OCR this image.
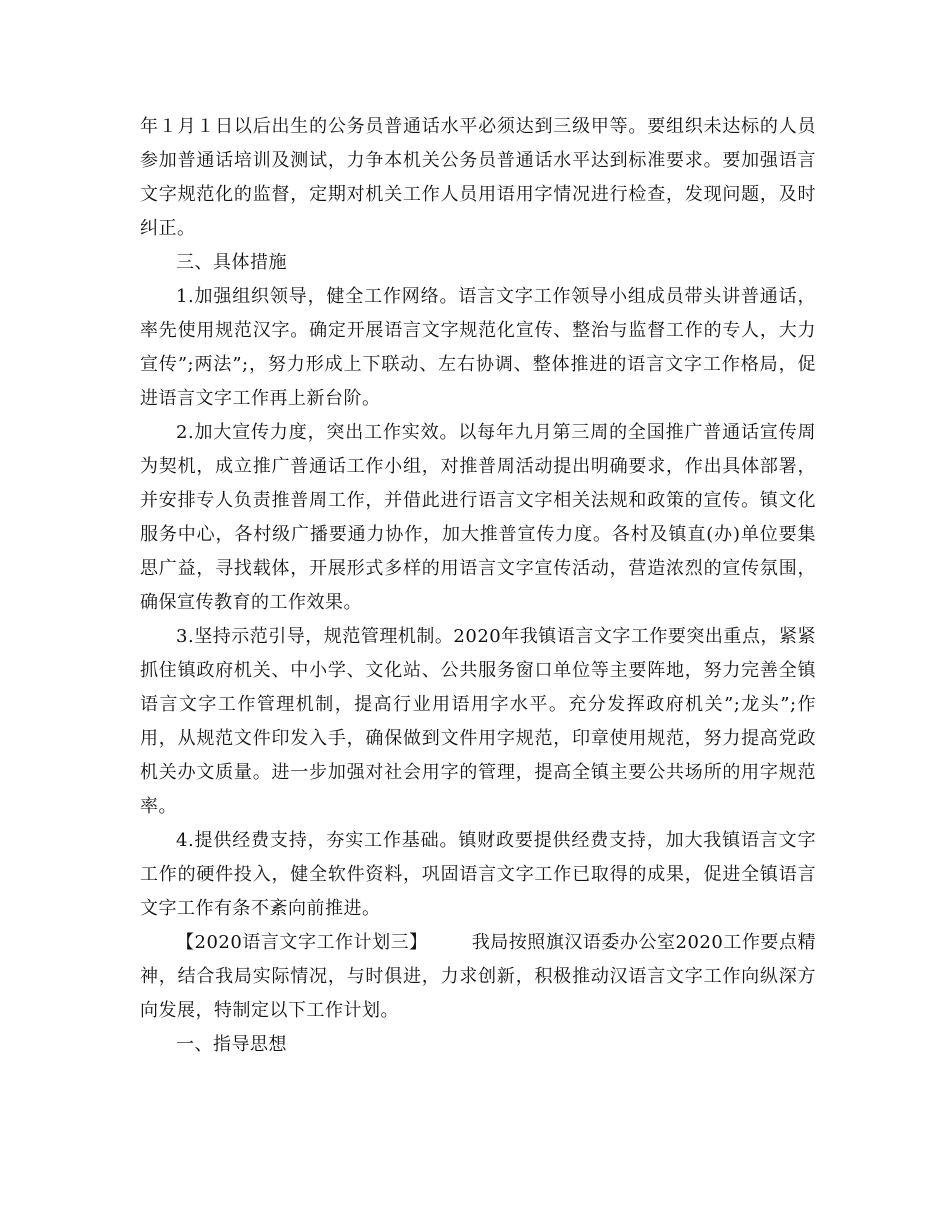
年１月１日以后出生的公务员普通话水平必须达到三级甲等。要组织未达标的人员参加普通话培训及测试，力争本机关公务员普通话水平达到标准要求。要加强语言文字规范化的监督，定期对机关工作人员用语用字情况进行检查，发现问题，及时纠正。

三、具体措施

1.加强组织领导，健全工作网络。语言文字工作领导小组成员带头讲普通话，率先使用规范汉字。确定开展语言文字规范化宣传、整治与监督工作的专人，大力宣传”;两法”;，努力形成上下联动、左右协调、整体推进的语言文字工作格局，促进语言文字工作再上新台阶。

2.加大宣传力度，突出工作实效。以每年九月第三周的全国推广普通话宣传周为契机，成立推广普通话工作小组，对推普周活动提出明确要求，作出具体部署，并安排专人负责推普周工作，并借此进行语言文字相关法规和政策的宣传。镇文化服务中心，各村级广播要通力协作，加大推普宣传力度。各村及镇直(办)单位要集思广益，寻找载体，开展形式多样的用语言文字宣传活动，营造浓烈的宣传氛围，确保宣传教育的工作效果。

3.坚持示范引导，规范管理机制。2020年我镇语言文字工作要突出重点，紧紧抓住镇政府机关、中小学、文化站、公共服务窗口单位等主要阵地，努力完善全镇语言文字工作管理机制，提高行业用语用字水平。充分发挥政府机关”;龙头”;作用，从规范文件印发入手，确保做到文件用字规范，印章使用规范，努力提高党政机关办文质量。进一步加强对社会用字的管理，提高全镇主要公共场所的用字规范率。

4.提供经费支持，夯实工作基础。镇财政要提供经费支持，加大我镇语言文字工作的硬件投入，健全软件资料，巩固语言文字工作已取得的成果，促进全镇语言文字工作有条不紊向前推进。

【2020语言文字工作计划三】 我局按照旗汉语委办公室2020工作要点精神，结合我局实际情况，与时俱进，力求创新，积极推动汉语言文字工作向纵深方向发展，特制定以下工作计划。

一、指导思想
